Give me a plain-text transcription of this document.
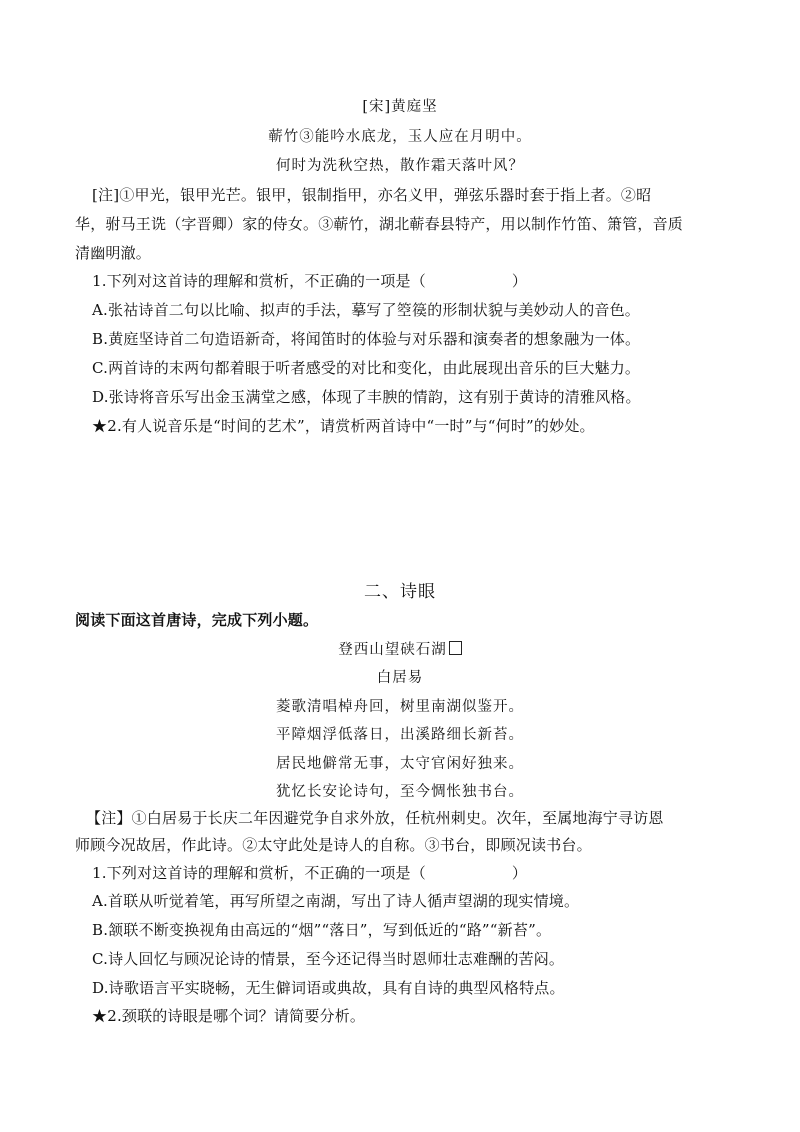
[宋]黄庭坚
蕲竹③能吟水底龙，玉人应在月明中。
何时为洗秋空热，散作霜天落叶风？
[注]①甲光，银甲光芒。银甲，银制指甲，亦名义甲，弹弦乐器时套于指上者。②昭
华，驸马王诜（字晋卿）家的侍女。③蕲竹，湖北蕲春县特产，用以制作竹笛、箫管，音质
清幽明澈。
1.下列对这首诗的理解和赏析，不正确的一项是（	）
A.张祜诗首二句以比喻、拟声的手法，摹写了箜篌的形制状貌与美妙动人的音色。
B.黄庭坚诗首二句造语新奇，将闻笛时的体验与对乐器和演奏者的想象融为一体。
C.两首诗的末两句都着眼于听者感受的对比和变化，由此展现出音乐的巨大魅力。
D.张诗将音乐写出金玉满堂之感，体现了丰腴的情韵，这有别于黄诗的清雅风格。
★2.有人说音乐是“时间的艺术”，请赏析两首诗中“一时”与“何时”的妙处。
二、诗眼
阅读下面这首唐诗，完成下列小题。
登西山望硖石湖
白居易
菱歌清唱棹舟回，树里南湖似鉴开。
平障烟浮低落日，出溪路细长新苔。
居民地僻常无事，太守官闲好独来。
犹忆长安论诗句，至今惆怅独书台。
【注】①白居易于长庆二年因避党争自求外放，任杭州刺史。次年，至属地海宁寻访恩
师顾今况故居，作此诗。②太守此处是诗人的自称。③书台，即顾况读书台。
1.下列对这首诗的理解和赏析，不正确的一项是（	）
A.首联从听觉着笔，再写所望之南湖，写出了诗人循声望湖的现实情境。
B.颔联不断变换视角由高远的“烟”“落日”，写到低近的“路”“新苔”。
C.诗人回忆与顾况论诗的情景，至今还记得当时恩师壮志难酬的苦闷。
D.诗歌语言平实晓畅，无生僻词语或典故，具有自诗的典型风格特点。
★2.颈联的诗眼是哪个词？请简要分析。
